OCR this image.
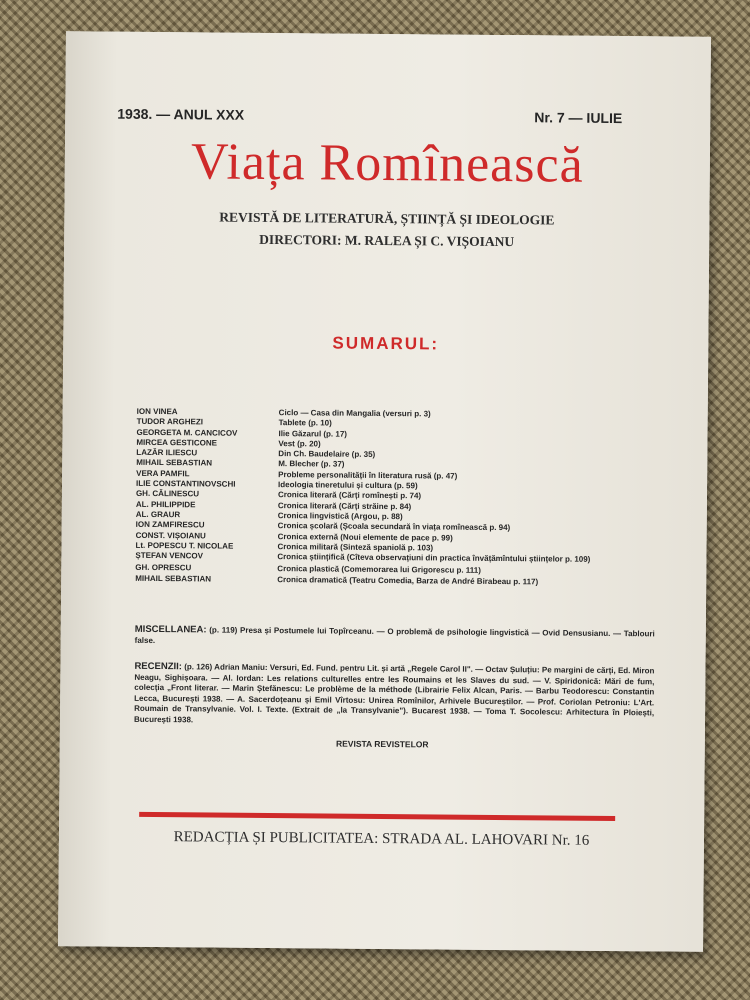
1938. — ANUL XXX	Nr. 7 — IULIE
Viața Romînească
REVISTĂ DE LITERATURĂ, ȘTIINȚĂ ȘI IDEOLOGIE
DIRECTORI: M. RALEA ȘI C. VIȘOIANU
SUMARUL:
ION VINEA	Ciclo — Casa din Mangalia (versuri p. 3)
TUDOR ARGHEZI	Tablete (p. 10)
GEORGETA M. CANCICOV	Ilie Găzarul (p. 17)
MIRCEA GESTICONE	Vest (p. 20)
LAZĂR ILIESCU	Din Ch. Baudelaire (p. 35)
MIHAIL SEBASTIAN	M. Blecher (p. 37)
VERA PAMFIL	Probleme personalității în literatura rusă (p. 47)
ILIE CONSTANTINOVSCHI	Ideologia tineretului și cultura (p. 59)
GH. CĂLINESCU	Cronica literară (Cărți romînești p. 74)
AL. PHILIPPIDE	Cronica literară (Cărți străine p. 84)
AL. GRAUR	Cronica lingvistică (Argou, p. 88)
ION ZAMFIRESCU	Cronica școlară (Școala secundară în viața romînească p. 94)
CONST. VIȘOIANU	Cronica externă (Noui elemente de pace p. 99)
Lt. POPESCU T. NICOLAE	Cronica militară (Sinteză spaniolă p. 103)
ȘTEFAN VENCOV	Cronica științifică (Cîteva observațiuni din practica învățămîntului științelor p. 109)
GH. OPRESCU	Cronica plastică (Comemorarea lui Grigorescu p. 111)
MIHAIL SEBASTIAN	Cronica dramatică (Teatru Comedia, Barza de André Birabeau p. 117)
MISCELLANEA: (p. 119) Presa și Postumele lui Topîrceanu. — O problemă de psihologie lingvistică — Ovid Densusianu. — Tablouri false.
RECENZII: (p. 126) Adrian Maniu: Versuri, Ed. Fund. pentru Lit. și artă „Regele Carol II". — Octav Șuluțiu: Pe margini de cărți, Ed. Miron Neagu, Sighișoara. — Al. Iordan: Les relations culturelles entre les Roumains et les Slaves du sud. — V. Spiridonică: Mări de fum, colecția „Front literar. — Marin Ștefănescu: Le problème de la méthode (Librairie Felix Alcan, Paris. — Barbu Teodorescu: Constantin Lecca, București 1938. — A. Sacerdoțeanu și Emil Vîrtosu: Unirea Romînilor, Arhivele Bucureștilor. — Prof. Coriolan Petroniu: L'Art. Roumain de Transylvanie. Vol. I. Texte. (Extrait de „la Transylvanie"). Bucarest 1938. — Toma T. Socolescu: Arhitectura în Ploiești, București 1938.
REVISTA REVISTELOR
REDACȚIA ȘI PUBLICITATEA: STRADA AL. LAHOVARI Nr. 16
